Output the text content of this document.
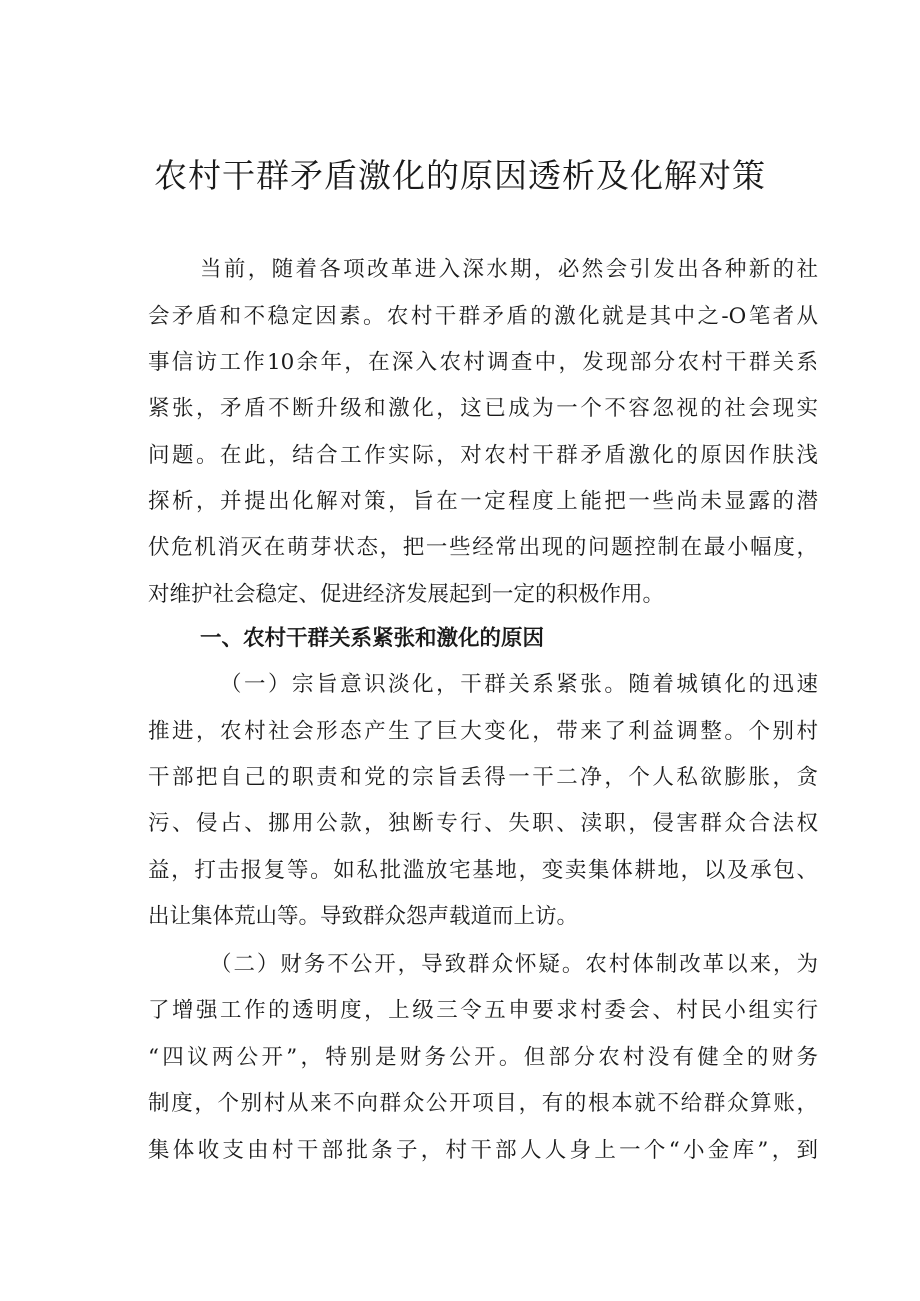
农村干群矛盾激化的原因透析及化解对策

当前，随着各项改革进入深水期，必然会引发出各种新的社

会矛盾和不稳定因素。农村干群矛盾的激化就是其中之-O笔者从

事信访工作10余年，在深入农村调查中，发现部分农村干群关系

紧张，矛盾不断升级和激化，这已成为一个不容忽视的社会现实

问题。在此，结合工作实际，对农村干群矛盾激化的原因作肤浅

探析，并提出化解对策，旨在一定程度上能把一些尚未显露的潜

伏危机消灭在萌芽状态，把一些经常出现的问题控制在最小幅度，

对维护社会稳定、促进经济发展起到一定的积极作用。

一、农村干群关系紧张和激化的原因

（一）宗旨意识淡化，干群关系紧张。随着城镇化的迅速

推进，农村社会形态产生了巨大变化，带来了利益调整。个别村

干部把自己的职责和党的宗旨丢得一干二净，个人私欲膨胀，贪

污、侵占、挪用公款，独断专行、失职、渎职，侵害群众合法权

益，打击报复等。如私批滥放宅基地，变卖集体耕地，以及承包、

出让集体荒山等。导致群众怨声载道而上访。

（二）财务不公开，导致群众怀疑。农村体制改革以来，为

了增强工作的透明度，上级三令五申要求村委会、村民小组实行

“四议两公开”，特别是财务公开。但部分农村没有健全的财务

制度，个别村从来不向群众公开项目，有的根本就不给群众算账，

集体收支由村干部批条子，村干部人人身上一个“小金库”，到
